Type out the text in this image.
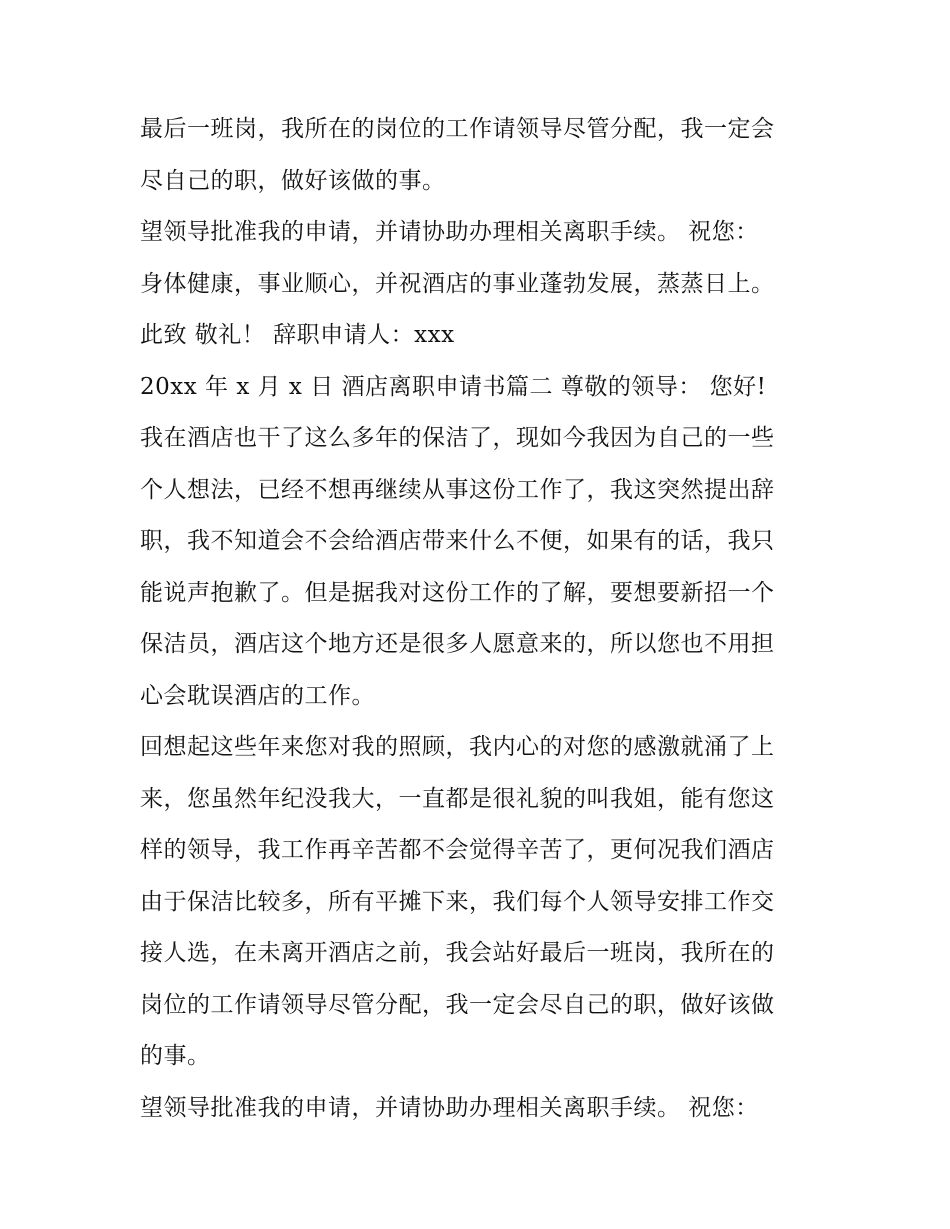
最后一班岗，我所在的岗位的工作请领导尽管分配，我一定会
尽自己的职，做好该做的事。
望领导批准我的申请，并请协助办理相关离职手续。 祝您：
身体健康，事业顺心，并祝酒店的事业蓬勃发展，蒸蒸日上。
此致 敬礼！ 辞职申请人：xxx
20xx 年 x 月 x 日 酒店离职申请书篇二 尊敬的领导： 您好!
我在酒店也干了这么多年的保洁了，现如今我因为自己的一些
个人想法，已经不想再继续从事这份工作了，我这突然提出辞
职，我不知道会不会给酒店带来什么不便，如果有的话，我只
能说声抱歉了。但是据我对这份工作的了解，要想要新招一个
保洁员，酒店这个地方还是很多人愿意来的，所以您也不用担
心会耽误酒店的工作。
回想起这些年来您对我的照顾，我内心的对您的感激就涌了上
来，您虽然年纪没我大，一直都是很礼貌的叫我姐，能有您这
样的领导，我工作再辛苦都不会觉得辛苦了，更何况我们酒店
由于保洁比较多，所有平摊下来，我们每个人领导安排工作交
接人选，在未离开酒店之前，我会站好最后一班岗，我所在的
岗位的工作请领导尽管分配，我一定会尽自己的职，做好该做
的事。
望领导批准我的申请，并请协助办理相关离职手续。 祝您：
